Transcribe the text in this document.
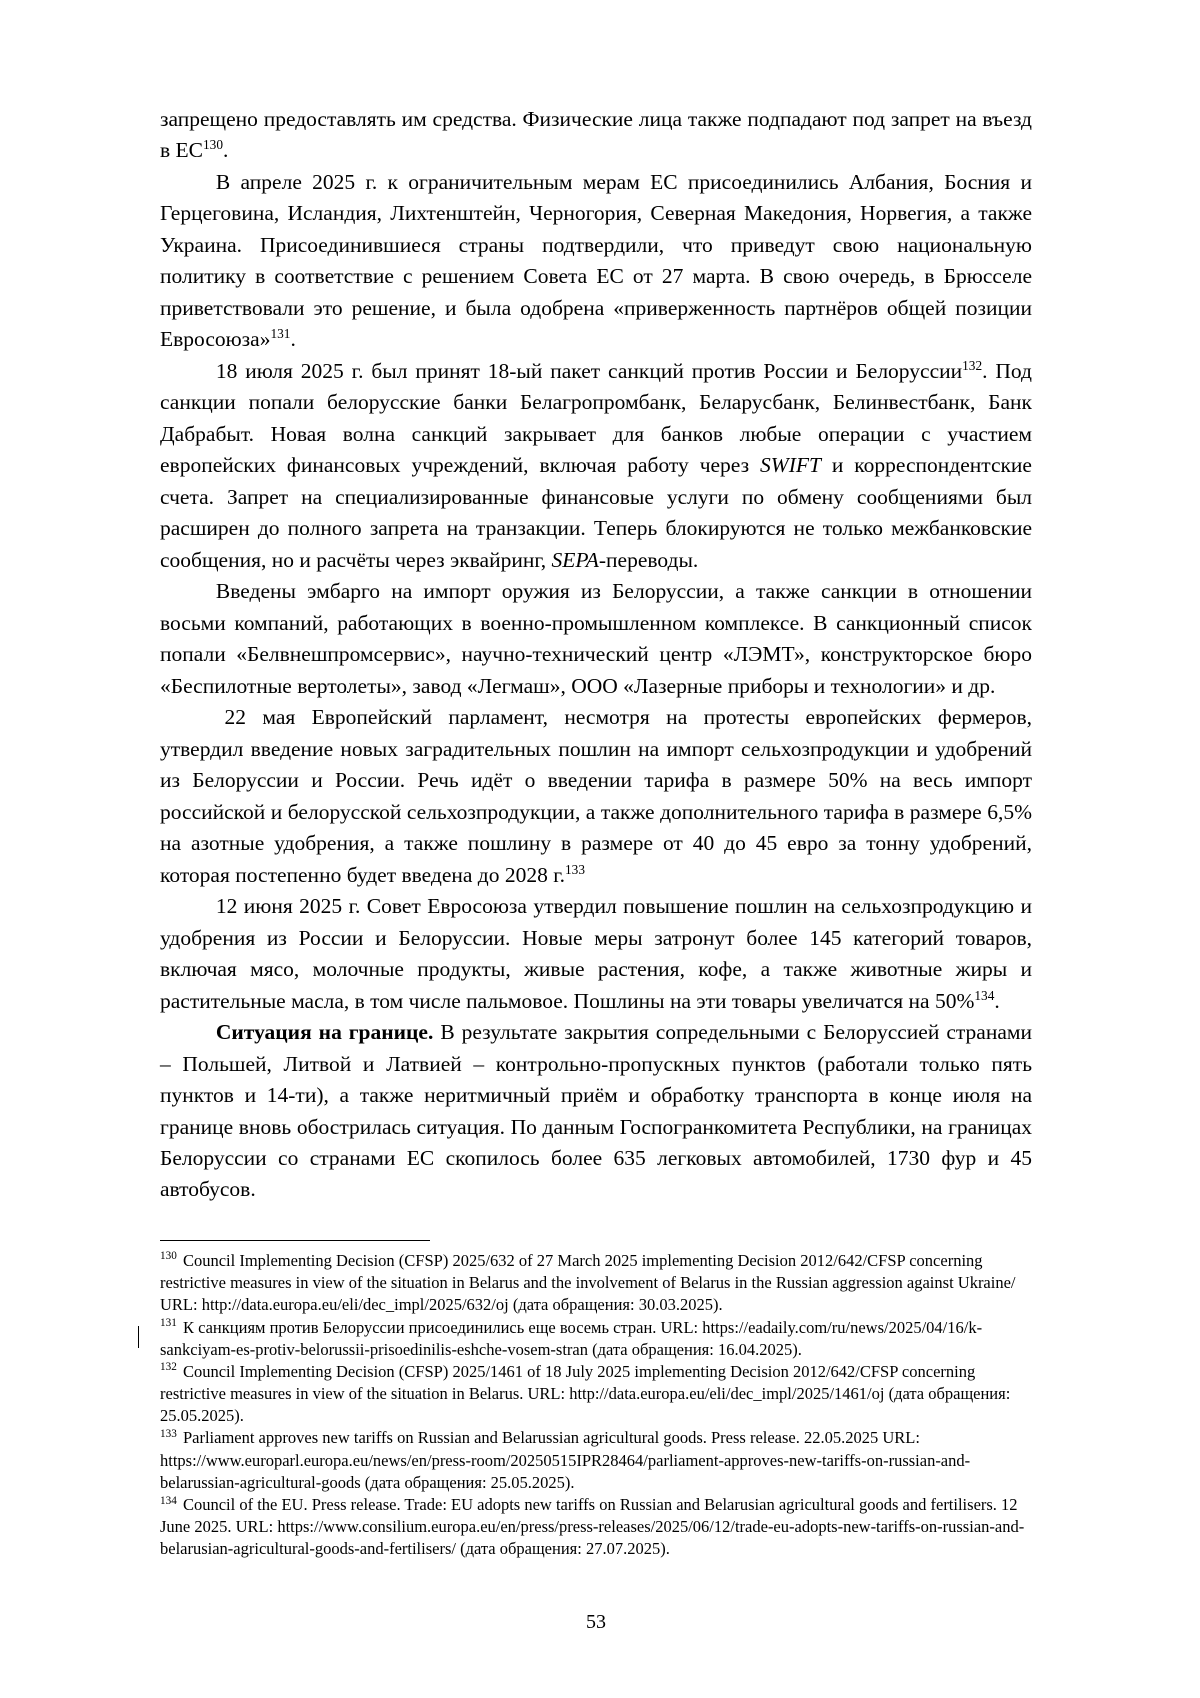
запрещено предоставлять им средства. Физические лица также подпадают под запрет на въезд в ЕС$^{130}$.

В апреле 2025 г. к ограничительным мерам ЕС присоединились Албания, Босния и Герцеговина, Исландия, Лихтенштейн, Черногория, Северная Македония, Норвегия, а также Украина. Присоединившиеся страны подтвердили, что приведут свою национальную политику в соответствие с решением Совета ЕС от 27 марта. В свою очередь, в Брюсселе приветствовали это решение, и была одобрена «приверженность партнёров общей позиции Евросоюза»$^{131}$.

18 июля 2025 г. был принят 18-ый пакет санкций против России и Белоруссии$^{132}$. Под санкции попали белорусские банки Белагропромбанк, Беларусбанк, Белинвестбанк, Банк Дабрабыт. Новая волна санкций закрывает для банков любые операции с участием европейских финансовых учреждений, включая работу через SWIFT и корреспондентские счета. Запрет на специализированные финансовые услуги по обмену сообщениями был расширен до полного запрета на транзакции. Теперь блокируются не только межбанковские сообщения, но и расчёты через эквайринг, SEPA-переводы.

Введены эмбарго на импорт оружия из Белоруссии, а также санкции в отношении восьми компаний, работающих в военно-промышленном комплексе. В санкционный список попали «Белвнешпромсервис», научно-технический центр «ЛЭМТ», конструкторское бюро «Беспилотные вертолеты», завод «Легмаш», ООО «Лазерные приборы и технологии» и др.

22 мая Европейский парламент, несмотря на протесты европейских фермеров, утвердил введение новых заградительных пошлин на импорт сельхозпродукции и удобрений из Белоруссии и России. Речь идёт о введении тарифа в размере 50% на весь импорт российской и белорусской сельхозпродукции, а также дополнительного тарифа в размере 6,5% на азотные удобрения, а также пошлину в размере от 40 до 45 евро за тонну удобрений, которая постепенно будет введена до 2028 г.$^{133}$

12 июня 2025 г. Совет Евросоюза утвердил повышение пошлин на сельхозпродукцию и удобрения из России и Белоруссии. Новые меры затронут более 145 категорий товаров, включая мясо, молочные продукты, живые растения, кофе, а также животные жиры и растительные масла, в том числе пальмовое. Пошлины на эти товары увеличатся на 50%$^{134}$.

Ситуация на границе. В результате закрытия сопредельными с Белоруссией странами – Польшей, Литвой и Латвией – контрольно-пропускных пунктов (работали только пять пунктов и 14-ти), а также неритмичный приём и обработку транспорта в конце июля на границе вновь обострилась ситуация. По данным Госпогранкомитета Республики, на границах Белоруссии со странами ЕС скопилось более 635 легковых автомобилей, 1730 фур и 45 автобусов.

$^{130}$ Council Implementing Decision (CFSP) 2025/632 of 27 March 2025 implementing Decision 2012/642/CFSP concerning restrictive measures in view of the situation in Belarus and the involvement of Belarus in the Russian aggression against Ukraine/ URL: http://data.europa.eu/eli/dec_impl/2025/632/oj (дата обращения: 30.03.2025).

$^{131}$ К санкциям против Белоруссии присоединились еще восемь стран. URL: https://eadaily.com/ru/news/2025/04/16/k-sankciyam-es-protiv-belorussii-prisoedinilis-eshche-vosem-stran (дата обращения: 16.04.2025).

$^{132}$ Council Implementing Decision (CFSP) 2025/1461 of 18 July 2025 implementing Decision 2012/642/CFSP concerning restrictive measures in view of the situation in Belarus. URL: http://data.europa.eu/eli/dec_impl/2025/1461/oj (дата обращения: 25.05.2025).

$^{133}$ Parliament approves new tariffs on Russian and Belarussian agricultural goods. Press release. 22.05.2025 URL: https://www.europarl.europa.eu/news/en/press-room/20250515IPR28464/parliament-approves-new-tariffs-on-russian-and-belarussian-agricultural-goods (дата обращения: 25.05.2025).

$^{134}$ Council of the EU. Press release. Trade: EU adopts new tariffs on Russian and Belarusian agricultural goods and fertilisers. 12 June 2025. URL: https://www.consilium.europa.eu/en/press/press-releases/2025/06/12/trade-eu-adopts-new-tariffs-on-russian-and-belarusian-agricultural-goods-and-fertilisers/ (дата обращения: 27.07.2025).

53
